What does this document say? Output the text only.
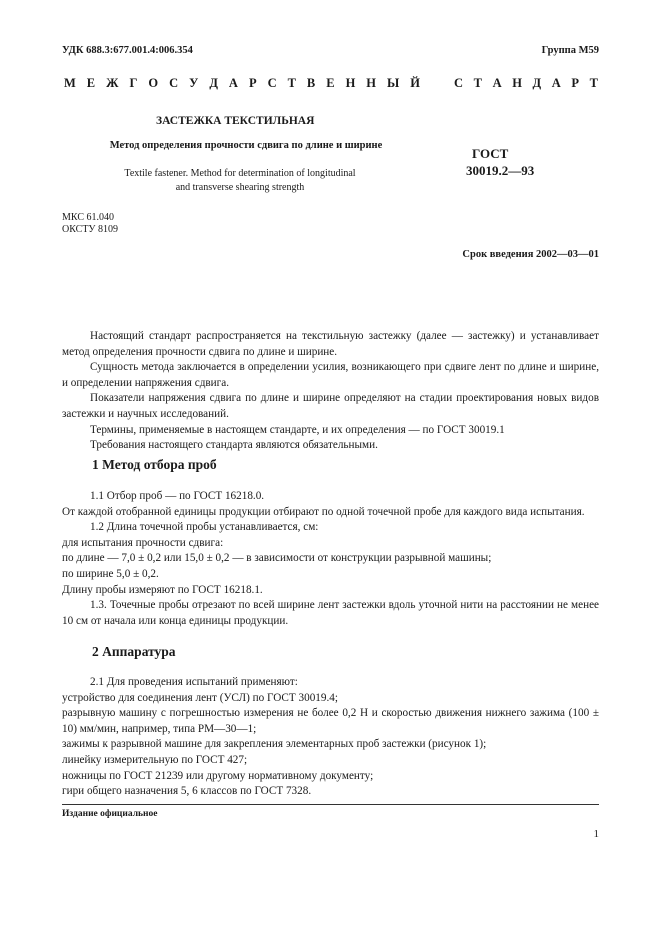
УДК 688.3:677.001.4:006.354	Группа М59
М Е Ж Г О С У Д А Р С Т В Е Н Н Ы Й	С Т А Н Д А Р Т
ЗАСТЕЖКА ТЕКСТИЛЬНАЯ
Метод определения прочности сдвига по длине и ширине
ГОСТ
30019.2—93
Textile fastener. Method for determination of longitudinal
and transverse shearing strength
МКС 61.040
ОКСТУ 8109
Срок введения 2002—03—01

Настоящий стандарт распространяется на текстильную застежку (далее — застежку) и устанавливает метод определения прочности сдвига по длине и ширине.

Сущность метода заключается в определении усилия, возникающего при сдвиге лент по длине и ширине, и определении напряжения сдвига.

Показатели напряжения сдвига по длине и ширине определяют на стадии проектирования новых видов застежки и научных исследований.

Термины, применяемые в настоящем стандарте, и их определения — по ГОСТ 30019.1

Требования настоящего стандарта являются обязательными.

1 Метод отбора проб

1.1 Отбор проб — по ГОСТ 16218.0.

От каждой отобранной единицы продукции отбирают по одной точечной пробе для каждого вида испытания.

1.2 Длина точечной пробы устанавливается, см:

для испытания прочности сдвига:

по длине — 7,0 ± 0,2 или 15,0 ± 0,2 — в зависимости от конструкции разрывной машины;

по ширине 5,0 ± 0,2.

Длину пробы измеряют по ГОСТ 16218.1.

1.3. Точечные пробы отрезают по всей ширине лент застежки вдоль уточной нити на расстоянии не менее 10 см от начала или конца единицы продукции.

2 Аппаратура

2.1 Для проведения испытаний применяют:

устройство для соединения лент (УСЛ) по ГОСТ 30019.4;

разрывную машину с погрешностью измерения не более 0,2 Н и скоростью движения нижнего зажима (100 ± 10) мм/мин, например, типа РМ—30—1;

зажимы к разрывной машине для закрепления элементарных проб застежки (рисунок 1);

линейку измерительную по ГОСТ 427;

ножницы по ГОСТ 21239 или другому нормативному документу;

гири общего назначения 5, 6 классов по ГОСТ 7328.

Издание официальное
1
